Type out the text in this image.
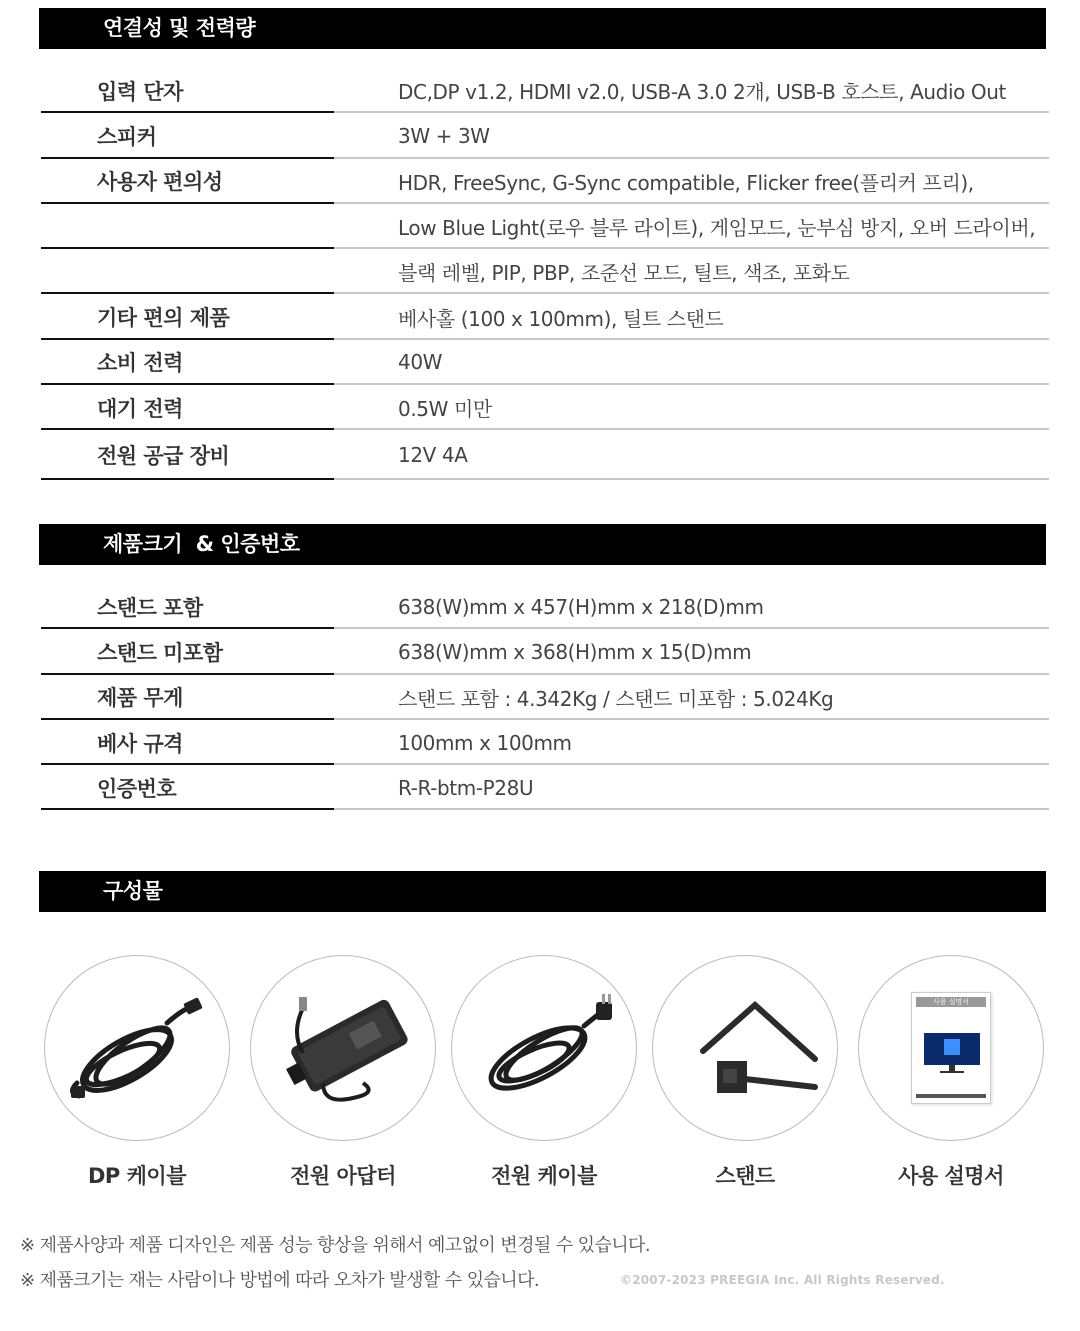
연결성 및 전력량
입력 단자	DC,DP v1.2, HDMI v2.0, USB-A 3.0 2개, USB-B 호스트, Audio Out
스피커	3W + 3W
사용자 편의성	HDR, FreeSync, G-Sync compatible, Flicker free(플리커 프리),
Low Blue Light(로우 블루 라이트), 게임모드, 눈부심 방지, 오버 드라이버,
블랙 레벨, PIP, PBP, 조준선 모드, 틸트, 색조, 포화도
기타 편의 제품	베사홀 (100 x 100mm), 틸트 스탠드
소비 전력	40W
대기 전력	0.5W 미만
전원 공급 장비	12V 4A
제품크기  & 인증번호
스탠드 포함	638(W)mm x 457(H)mm x 218(D)mm
스탠드 미포함	638(W)mm x 368(H)mm x 15(D)mm
제품 무게	스탠드 포함 : 4.342Kg / 스탠드 미포함 : 5.024Kg
베사 규격	100mm x 100mm
인증번호	R-R-btm-P28U
구성물
DP 케이블	전원 아답터	전원 케이블	스탠드
사용 설명서
사용 설명서
※ 제품사양과 제품 디자인은 제품 성능 향상을 위해서 예고없이 변경될 수 있습니다.
※ 제품크기는 재는 사람이나 방법에 따라 오차가 발생할 수 있습니다.	©2007-2023 PREEGIA Inc. All Rights Reserved.
